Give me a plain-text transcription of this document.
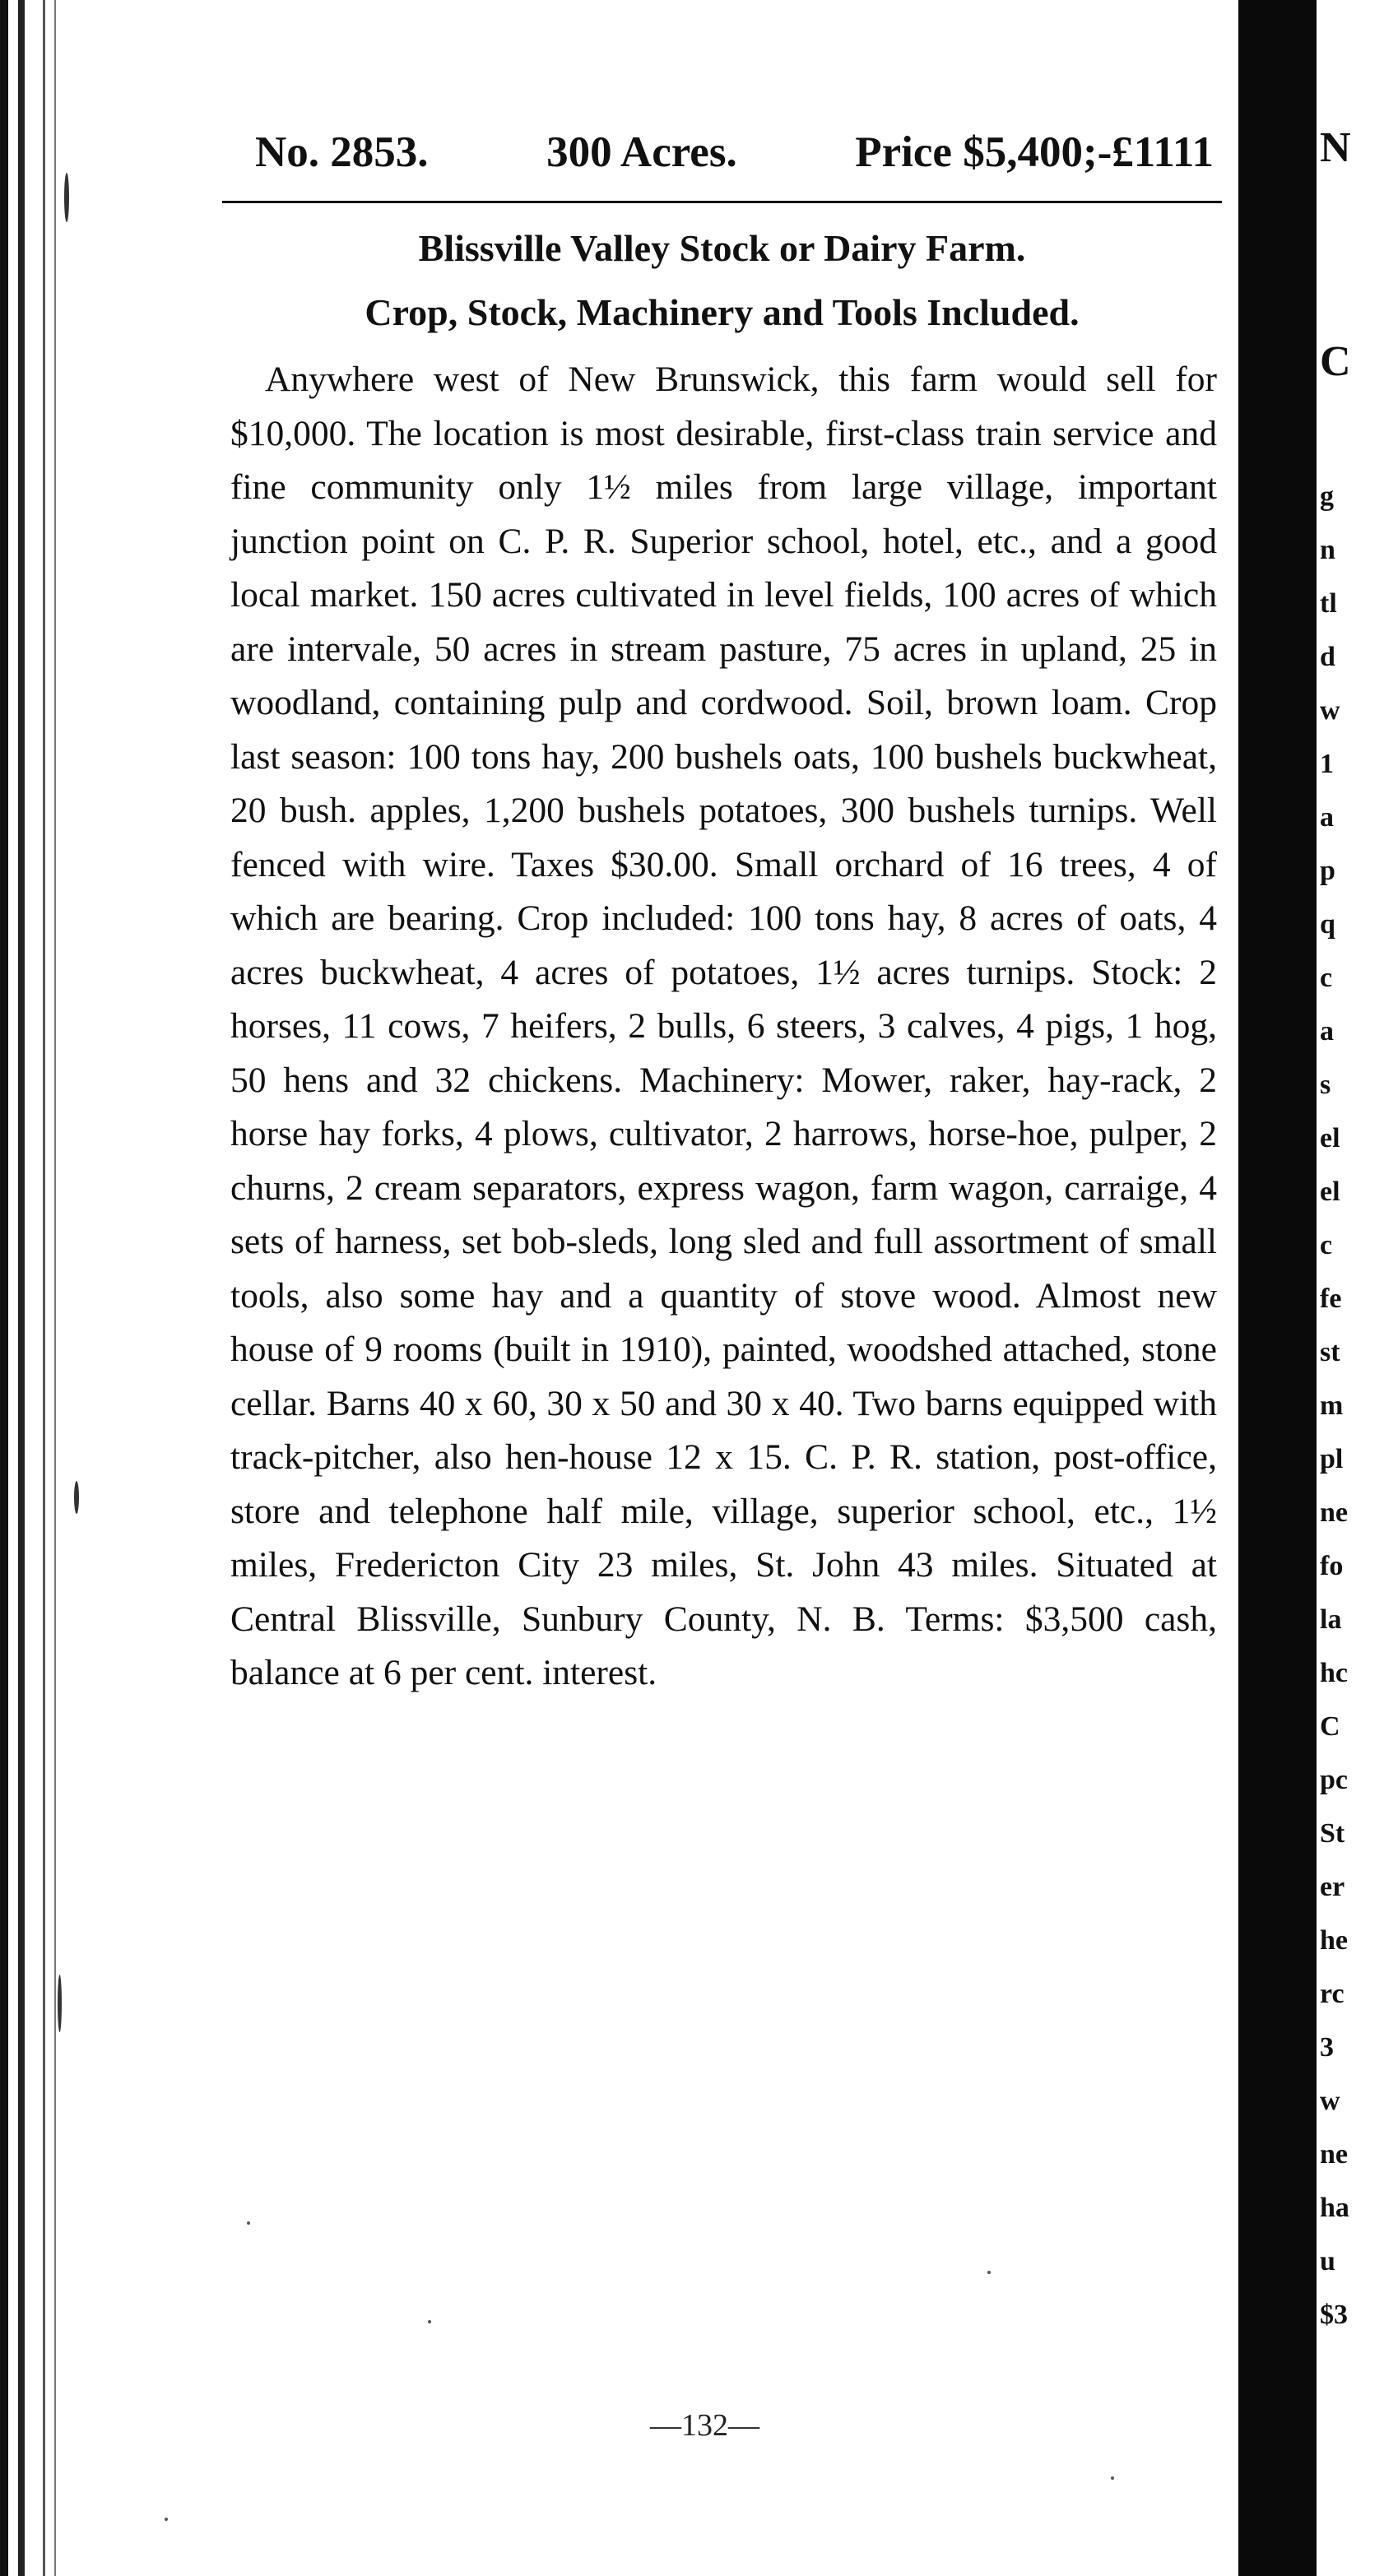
No. 2853.	300 Acres.	Price $5,400;-£1111
Blissville Valley Stock or Dairy Farm.
Crop, Stock, Machinery and Tools Included.
Anywhere west of New Brunswick, this farm would sell for $10,000. The location is most desirable, first-class train service and fine community only 1½ miles from large village, important junction point on C. P. R. Superior school, hotel, etc., and a good local market. 150 acres cultivated in level fields, 100 acres of which are intervale, 50 acres in stream pasture, 75 acres in upland, 25 in woodland, containing pulp and cordwood. Soil, brown loam. Crop last season: 100 tons hay, 200 bushels oats, 100 bushels buckwheat, 20 bush. apples, 1,200 bushels potatoes, 300 bushels turnips. Well fenced with wire. Taxes $30.00. Small orchard of 16 trees, 4 of which are bearing. Crop included: 100 tons hay, 8 acres of oats, 4 acres buckwheat, 4 acres of potatoes, 1½ acres turnips. Stock: 2 horses, 11 cows, 7 heifers, 2 bulls, 6 steers, 3 calves, 4 pigs, 1 hog, 50 hens and 32 chickens. Machinery: Mower, raker, hay-rack, 2 horse hay forks, 4 plows, cultivator, 2 harrows, horse-hoe, pulper, 2 churns, 2 cream separators, express wagon, farm wagon, carraige, 4 sets of harness, set bob-sleds, long sled and full assortment of small tools, also some hay and a quantity of stove wood. Almost new house of 9 rooms (built in 1910), painted, woodshed attached, stone cellar. Barns 40 x 60, 30 x 50 and 30 x 40. Two barns equipped with track-pitcher, also hen-house 12 x 15. C. P. R. station, post-office, store and telephone half mile, village, superior school, etc., 1½ miles, Fredericton City 23 miles, St. John 43 miles. Situated at Central Blissville, Sunbury County, N. B. Terms: $3,500 cash, balance at 6 per cent. interest.
—132—
N
C
g
n
tl
d
w
1
a
p
q
c
a
s
el
el
c
fe
st
m
pl
ne
fo
la
hc
C
pc
St
er
he
rc
3
w
ne
ha
u
$3
